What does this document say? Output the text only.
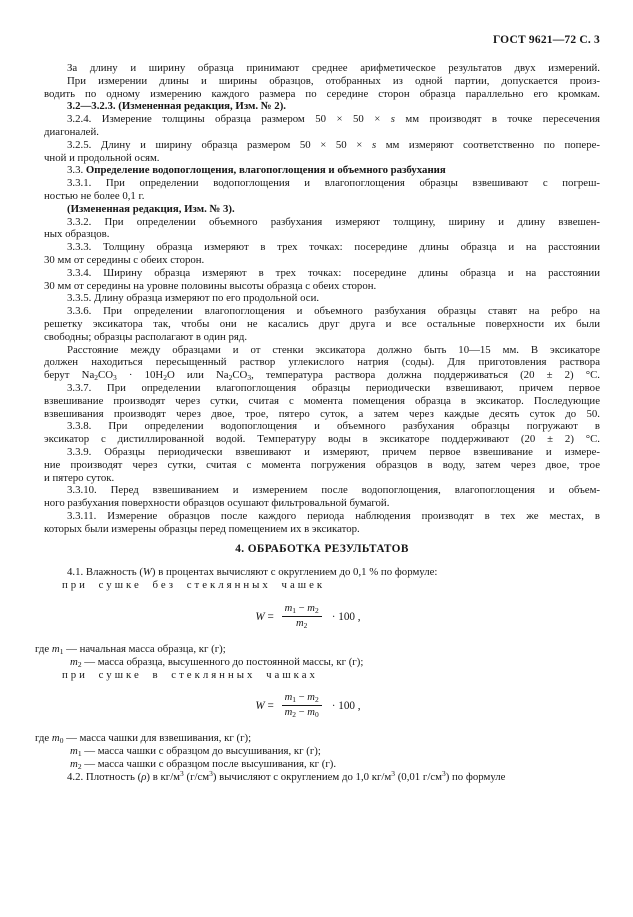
ГОСТ 9621—72 С. 3
За длину и ширину образца принимают среднее арифметическое результатов двух измерений.
При измерении длины и ширины образцов, отобранных из одной партии, допускается произ-
водить по одному измерению каждого размера по середине сторон образца параллельно его кромкам.
3.2—3.2.3. (Измененная редакция, Изм. № 2).
3.2.4. Измерение толщины образца размером 50 × 50 × s мм производят в точке пересечения
диагоналей.
3.2.5. Длину и ширину образца размером 50 × 50 × s мм измеряют соответственно по попере-
чной и продольной осям.
3.3. Определение водопоглощения, влагопоглощения и объемного разбухания
3.3.1. При определении водопоглощения и влагопоглощения образцы взвешивают с погреш-
ностью не более 0,1 г.
(Измененная редакция, Изм. № 3).
3.3.2. При определении объемного разбухания измеряют толщину, ширину и длину взвешен-
ных образцов.
3.3.3. Толщину образца измеряют в трех точках: посередине длины образца и на расстоянии
30 мм от середины с обеих сторон.
3.3.4. Ширину образца измеряют в трех точках: посередине длины образца и на расстоянии
30 мм от середины на уровне половины высоты образца с обеих сторон.
3.3.5. Длину образца измеряют по его продольной оси.
3.3.6. При определении влагопоглощения и объемного разбухания образцы ставят на ребро на
решетку эксикатора так, чтобы они не касались друг друга и все остальные поверхности их были
свободны; образцы располагают в один ряд.
Расстояние между образцами и от стенки эксикатора должно быть 10—15 мм. В эксикаторе
должен находиться пересыщенный раствор углекислого натрия (соды). Для приготовления раствора
берут $Na_2CO_3 \cdot 10H_2O$ или $Na_2CO_3$, температура раствора должна поддерживаться (20 ± 2) °С.
3.3.7. При определении влагопоглощения образцы периодически взвешивают, причем первое
взвешивание производят через сутки, считая с момента помещения образца в эксикатор. Последующие
взвешивания производят через двое, трое, пятеро суток, а затем через каждые десять суток до 50.
3.3.8. При определении водопоглощения и объемного разбухания образцы погружают в
эксикатор с дистиллированной водой. Температуру воды в эксикаторе поддерживают (20 ± 2) °С.
3.3.9. Образцы периодически взвешивают и измеряют, причем первое взвешивание и измере-
ние производят через сутки, считая с момента погружения образцов в воду, затем через двое, трое
и пятеро суток.
3.3.10. Перед взвешиванием и измерением после водопоглощения, влагопоглощения и объем-
ного разбухания поверхности образцов осушают фильтровальной бумагой.
3.3.11. Измерение образцов после каждого периода наблюдения производят в тех же местах, в
которых были измерены образцы перед помещением их в эксикатор.
4. ОБРАБОТКА РЕЗУЛЬТАТОВ
4.1. Влажность (W) в процентах вычисляют с округлением до 0,1 % по формуле:
при сушке без стеклянных чашек
$W = \frac{m_1 - m_2}{m_2} \cdot 100$ ,
где $m_1$ — начальная масса образца, кг (г);
$m_2$ — масса образца, высушенного до постоянной массы, кг (г);
при сушке в стеклянных чашках
$W = \frac{m_1 - m_2}{m_2 - m_0} \cdot 100$ ,
где $m_0$ — масса чашки для взвешивания, кг (г);
$m_1$ — масса чашки с образцом до высушивания, кг (г);
$m_2$ — масса чашки с образцом после высушивания, кг (г).
4.2. Плотность (ρ) в $кг/м^3$ $(г/см^3)$ вычисляют с округлением до 1,0 $кг/м^3$ (0,01 $г/см^3$) по формуле
